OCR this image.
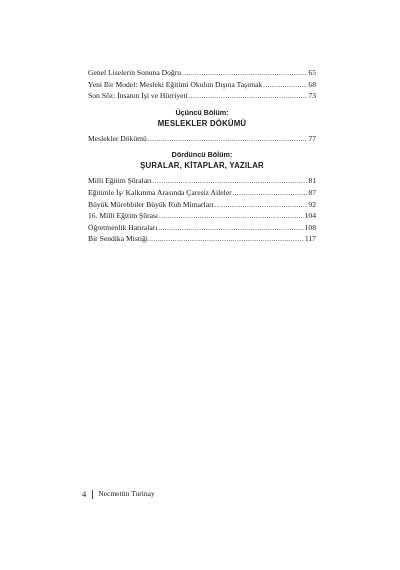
Genel Liselerin Sonuna Doğru .....	65
Yeni Bir Model: Mesleki Eğitimi Okulun Dışına Taşımak .....	68
Son Söz: İnsanın İşi ve Hürriyeti .....	73
Üçüncü Bölüm:
MESLEKLER DÖKÜMÜ
Meslekler Dökümü .....	77
Dördüncü Bölüm:
ŞURALAR, KİTAPLAR, YAZILAR
Milli Eğitim Şûraları .....	81
Eğitimle İş/ Kalkınma Arasında Çaresiz Aileler .....	87
Büyük Mürebbiler Büyük Ruh Mimarları .....	92
16. Milli Eğitim Şûrası .....	104
Öğretmenlik Hatıraları .....	108
Bir Sendika Mistiği .....	117
4 Necmettin Turinay
